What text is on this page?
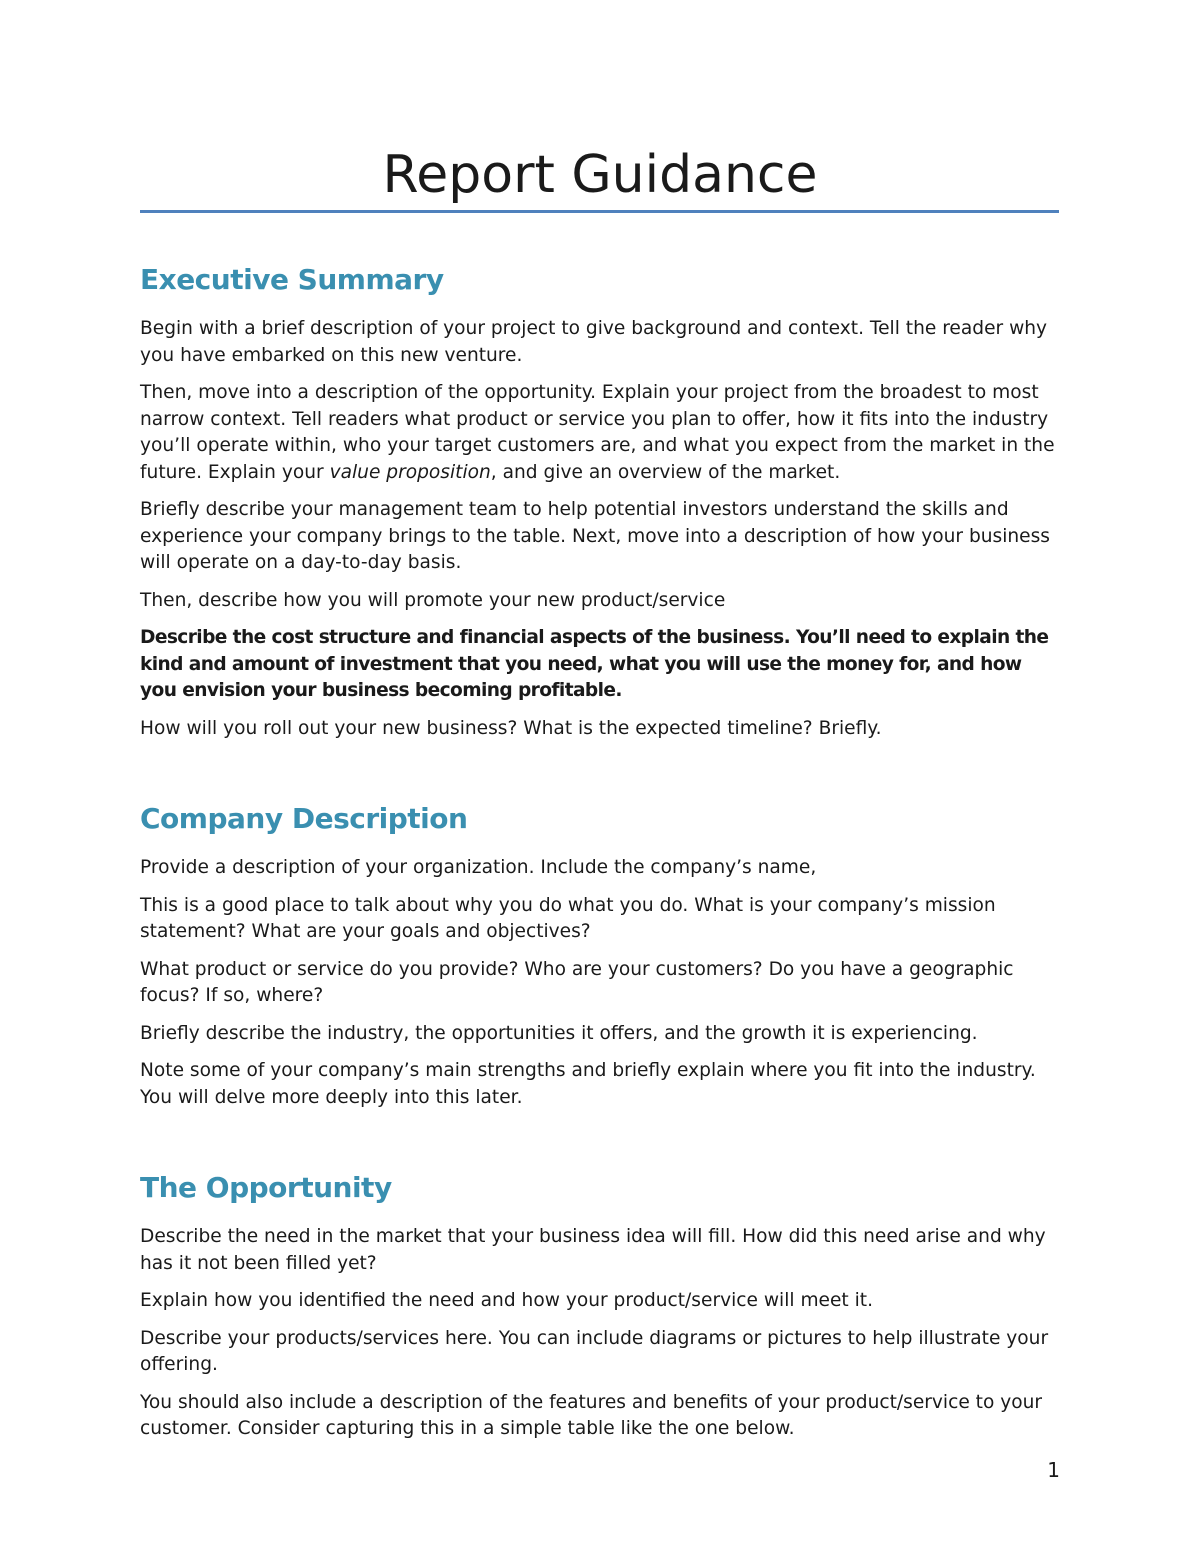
Report Guidance
Executive Summary

Begin with a brief description of your project to give background and context. Tell the reader why you have embarked on this new venture.

Then, move into a description of the opportunity. Explain your project from the broadest to most narrow context. Tell readers what product or service you plan to offer, how it fits into the industry you’ll operate within, who your target customers are, and what you expect from the market in the future. Explain your value proposition, and give an overview of the market.

Briefly describe your management team to help potential investors understand the skills and experience your company brings to the table. Next, move into a description of how your business will operate on a day-to-day basis.

Then, describe how you will promote your new product/service

Describe the cost structure and financial aspects of the business. You’ll need to explain the kind and amount of investment that you need, what you will use the money for, and how you envision your business becoming profitable.

How will you roll out your new business? What is the expected timeline? Briefly.

Company Description

Provide a description of your organization. Include the company’s name,

This is a good place to talk about why you do what you do. What is your company’s mission statement? What are your goals and objectives?

What product or service do you provide? Who are your customers? Do you have a geographic focus? If so, where?

Briefly describe the industry, the opportunities it offers, and the growth it is experiencing.

Note some of your company’s main strengths and briefly explain where you fit into the industry. You will delve more deeply into this later.

The Opportunity

Describe the need in the market that your business idea will fill. How did this need arise and why has it not been filled yet?

Explain how you identified the need and how your product/service will meet it.

Describe your products/services here. You can include diagrams or pictures to help illustrate your offering.

You should also include a description of the features and benefits of your product/service to your customer. Consider capturing this in a simple table like the one below.

1
